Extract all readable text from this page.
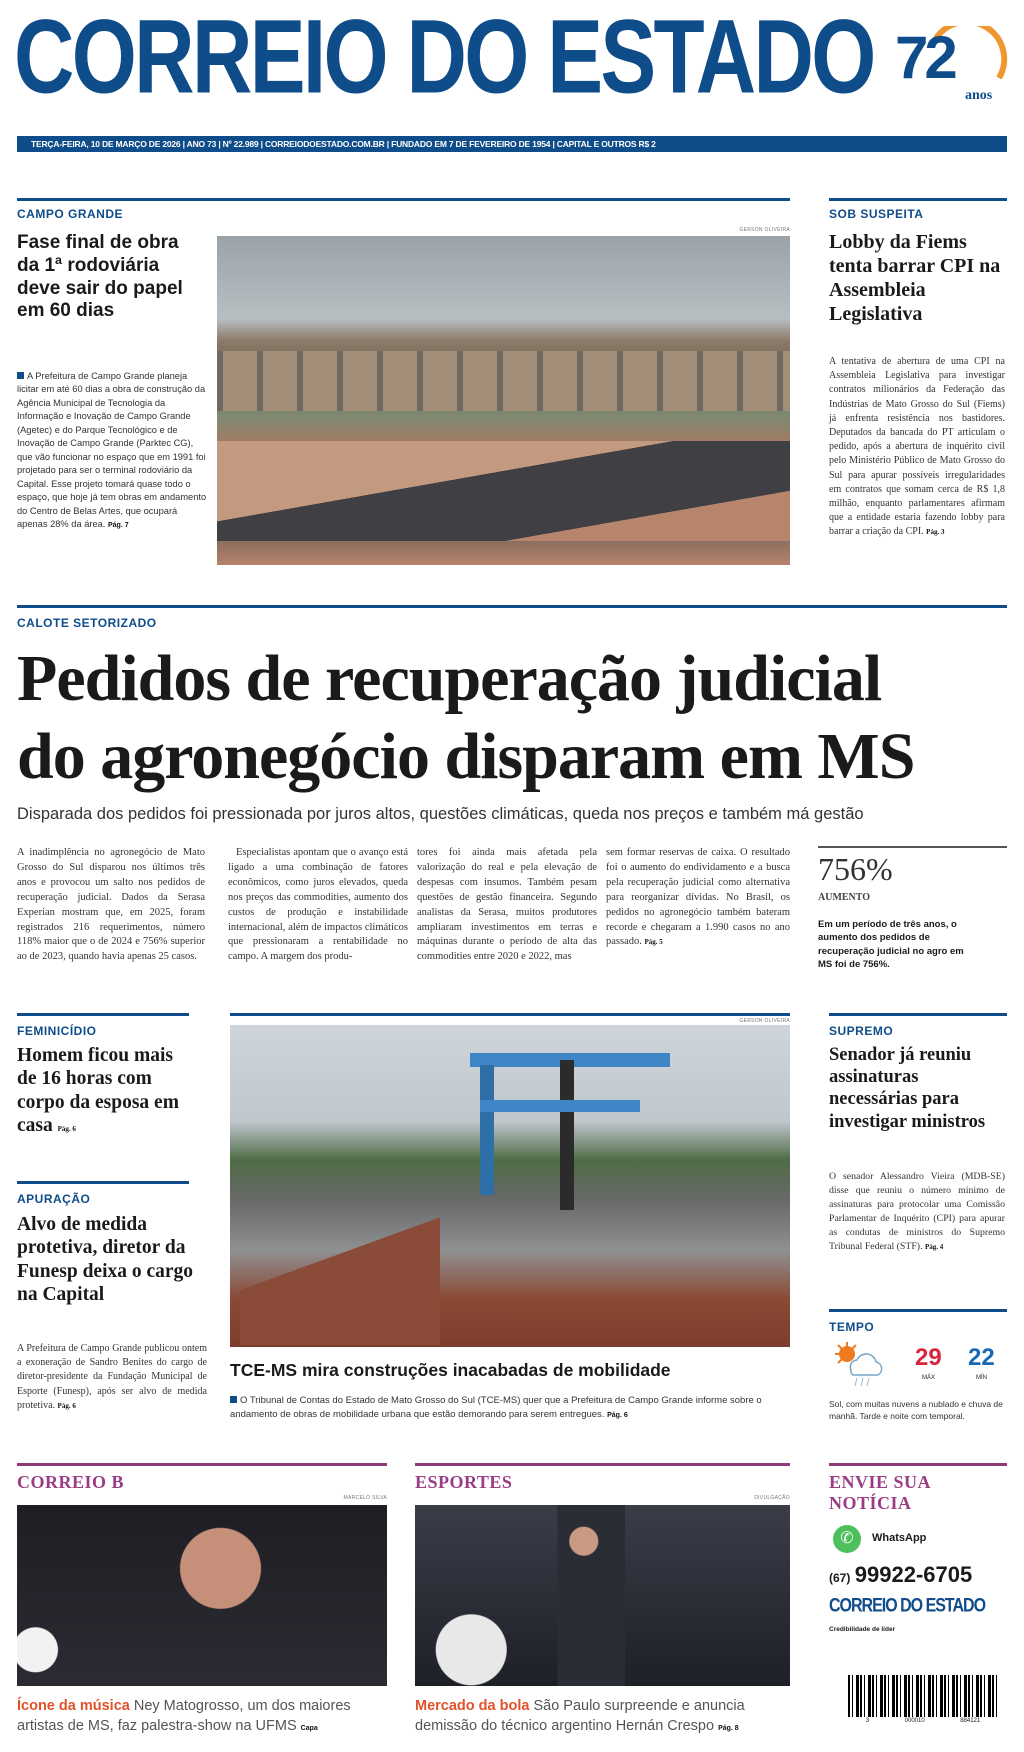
CORREIO DO ESTADO 72
anos
TERÇA-FEIRA, 10 DE MARÇO DE 2026 | ANO 73 | Nº 22.989 | CORREIODOESTADO.COM.BR | FUNDADO EM 7 DE FEVEREIRO DE 1954 | CAPITAL E OUTROS R$ 2
CAMPO GRANDE
Fase final de obra da 1ª rodoviária deve sair do papel em 60 dias
A Prefeitura de Campo Grande planeja licitar em até 60 dias a obra de construção da Agência Municipal de Tecnologia da Informação e Inovação de Campo Grande (Agetec) e do Parque Tecnológico e de Inovação de Campo Grande (Parktec CG), que vão funcionar no espaço que em 1991 foi projetado para ser o terminal rodoviário da Capital. Esse projeto tomará quase todo o espaço, que hoje já tem obras em andamento do Centro de Belas Artes, que ocupará apenas 28% da área. Pág. 7
GERSON OLIVEIRA
SOB SUSPEITA
Lobby da Fiems tenta barrar CPI na Assembleia Legislativa
A tentativa de abertura de uma CPI na Assembleia Legislativa para investigar contratos milionários da Federação das Indústrias de Mato Grosso do Sul (Fiems) já enfrenta resistência nos bastidores. Deputados da bancada do PT articulam o pedido, após a abertura de inquérito civil pelo Ministério Público de Mato Grosso do Sul para apurar possíveis irregularidades em contratos que somam cerca de R$ 1,8 milhão, enquanto parlamentares afirmam que a entidade estaria fazendo lobby para barrar a criação da CPI. Pág. 3
CALOTE SETORIZADO
Pedidos de recuperação judicial
do agronegócio disparam em MS
Disparada dos pedidos foi pressionada por juros altos, questões climáticas, queda nos preços e também má gestão
A inadimplência no agronegócio de Mato Grosso do Sul disparou nos últimos três anos e provocou um salto nos pedidos de recuperação judicial. Dados da Serasa Experian mostram que, em 2025, foram registrados 216 requerimentos, número 118% maior que o de 2024 e 756% superior ao de 2023, quando havia apenas 25 casos.
Especialistas apontam que o avanço está ligado a uma combinação de fatores econômicos, como juros elevados, queda nos preços das commodities, aumento dos custos de produção e instabilidade internacional, além de impactos climáticos que pressionaram a rentabilidade no campo. A margem dos produ-
tores foi ainda mais afetada pela valorização do real e pela elevação de despesas com insumos. Também pesam questões de gestão financeira. Segundo analistas da Serasa, muitos produtores ampliaram investimentos em terras e máquinas durante o período de alta das commodities entre 2020 e 2022, mas
sem formar reservas de caixa. O resultado foi o aumento do endividamento e a busca pela recuperação judicial como alternativa para reorganizar dívidas. No Brasil, os pedidos no agronegócio também bateram recorde e chegaram a 1.990 casos no ano passado. Pág. 5
756%
AUMENTO
Em um período de três anos, o aumento dos pedidos de recuperação judicial no agro em MS foi de 756%.
FEMINICÍDIO
Homem ficou mais de 16 horas com corpo da esposa em casa Pág. 6
APURAÇÃO
Alvo de medida protetiva, diretor da Funesp deixa o cargo na Capital
A Prefeitura de Campo Grande publicou ontem a exoneração de Sandro Benites do cargo de diretor-presidente da Fundação Municipal de Esporte (Funesp), após ser alvo de medida protetiva. Pág. 6
GERSON OLIVEIRA
TCE-MS mira construções inacabadas de mobilidade
O Tribunal de Contas do Estado de Mato Grosso do Sul (TCE-MS) quer que a Prefeitura de Campo Grande informe sobre o andamento de obras de mobilidade urbana que estão demorando para serem entregues. Pág. 6
SUPREMO
Senador já reuniu assinaturas necessárias para investigar ministros
O senador Alessandro Vieira (MDB-SE) disse que reuniu o número mínimo de assinaturas para protocolar uma Comissão Parlamentar de Inquérito (CPI) para apurar as condutas de ministros do Supremo Tribunal Federal (STF). Pág. 4
TEMPO
29
MÁX
22
MÍN
Sol, com muitas nuvens a nublado e chuva de manhã. Tarde e noite com temporal.
CORREIO B
MARCELO SILVA
Ícone da música Ney Matogrosso, um dos maiores artistas de MS, faz palestra-show na UFMS Capa
ESPORTES
DIVULGAÇÃO
Mercado da bola São Paulo surpreende e anuncia demissão do técnico argentino Hernán Crespo Pág. 8
ENVIE SUA
NOTÍCIA
✆	WhatsApp
(67) 99922-6705
CORREIO DO ESTADO
Credibilidade de líder
3	000010	884121
